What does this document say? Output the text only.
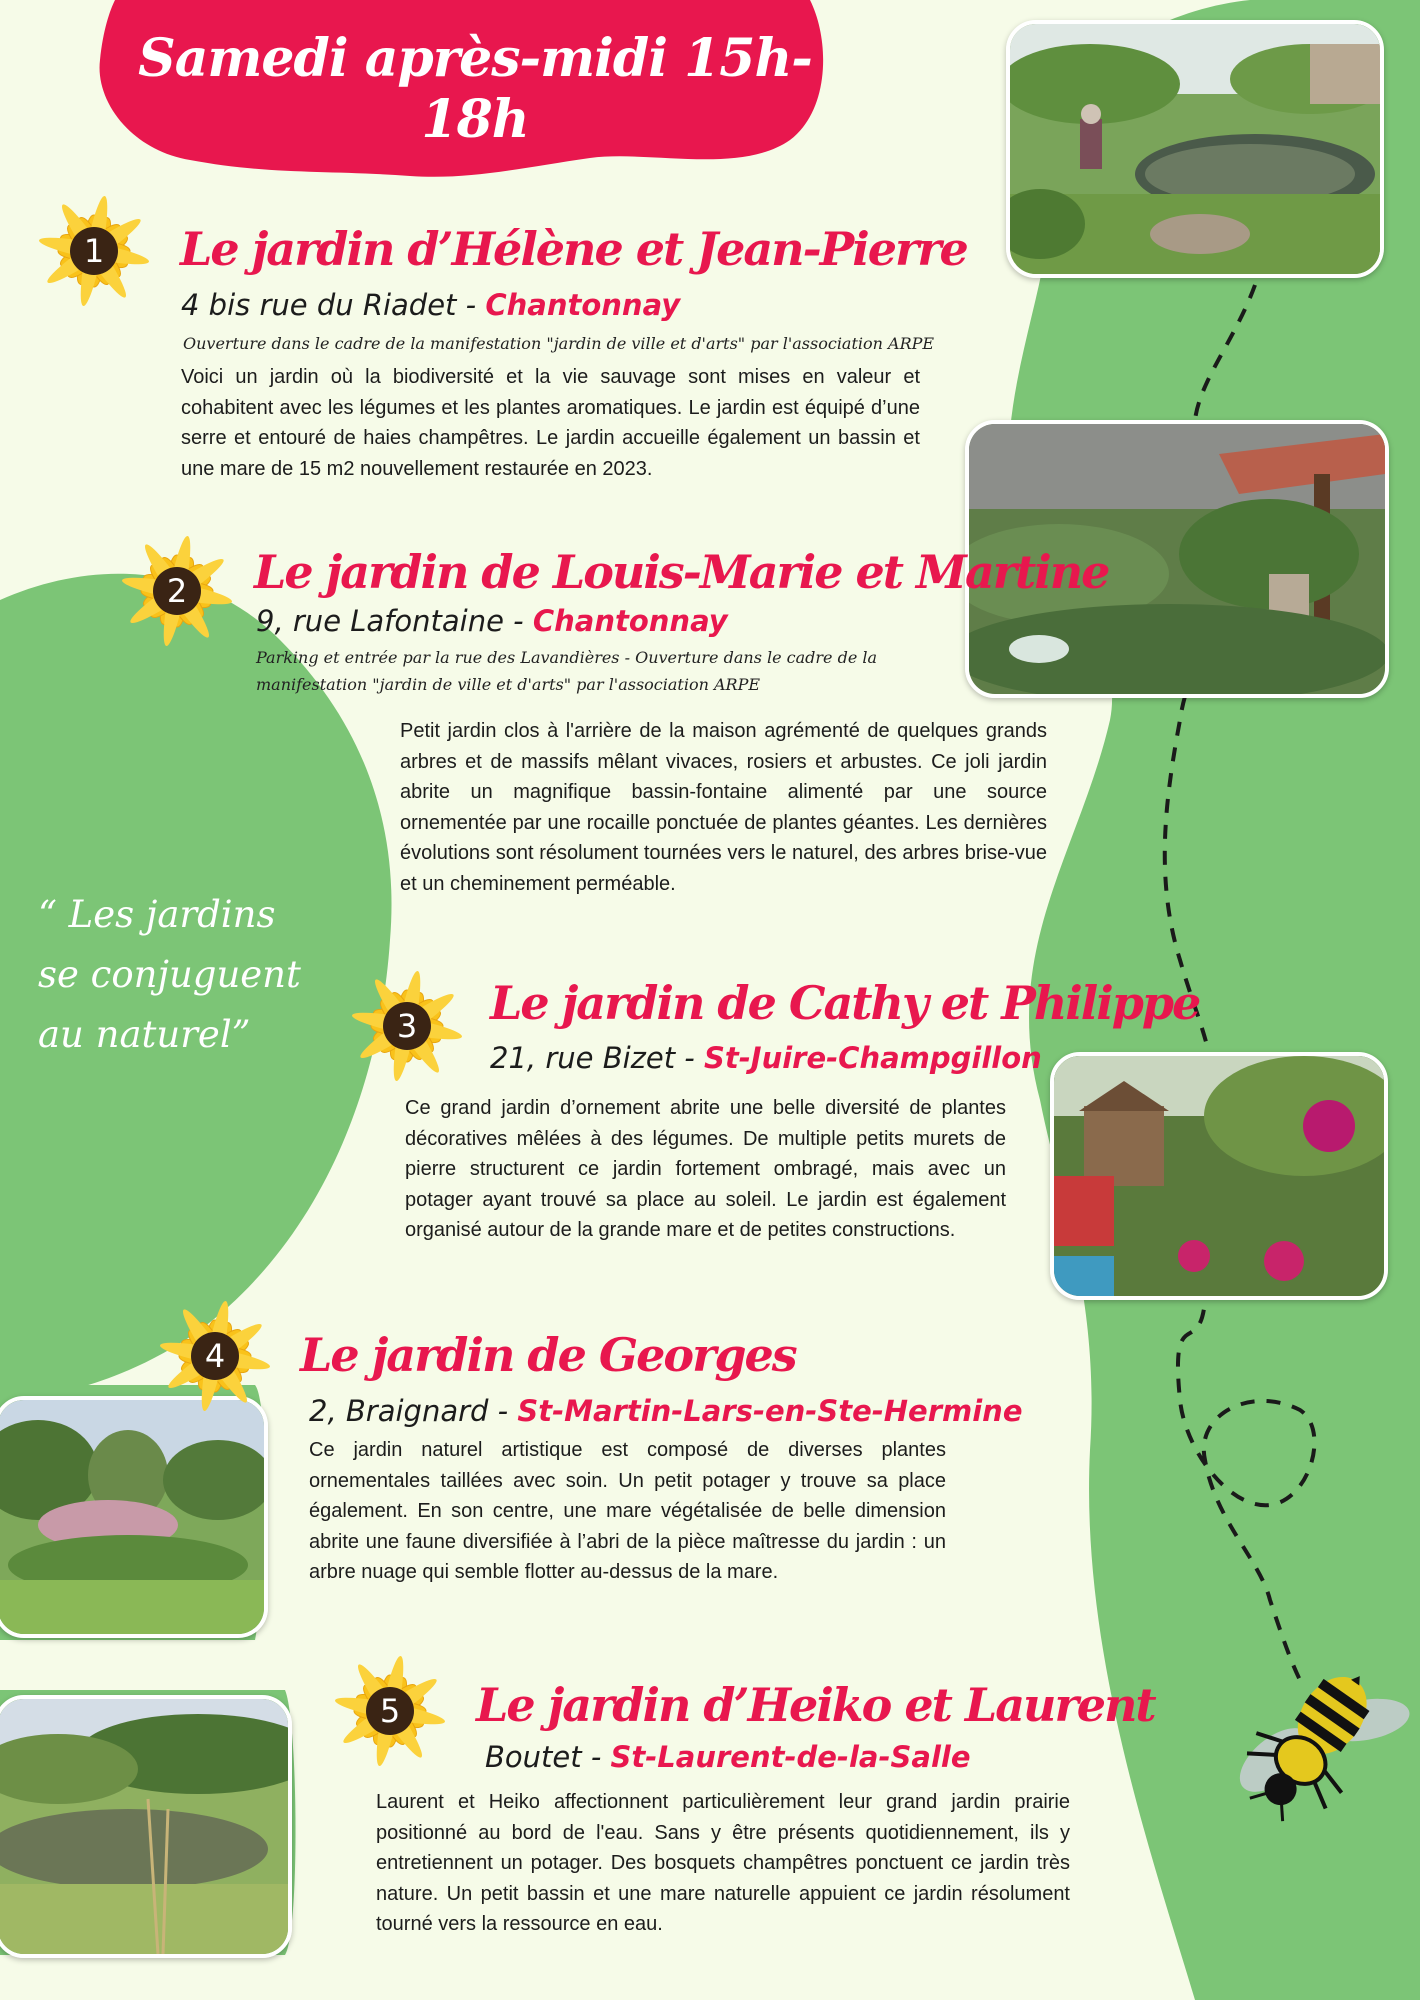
Samedi après-midi 15h-18h
1
2
3
4
5
Le jardin d’Hélène et Jean-Pierre
4 bis rue du Riadet - Chantonnay
Ouverture dans le cadre de la manifestation "jardin de ville et d'arts" par l'association ARPE
Voici un jardin où la biodiversité et la vie sauvage sont mises en valeur et cohabitent avec les légumes et les plantes aromatiques. Le jardin est équipé d’une serre et entouré de haies champêtres. Le jardin accueille également un bassin et une mare de 15 m2 nouvellement restaurée en 2023.
Le jardin de Louis-Marie et Martine
9, rue Lafontaine - Chantonnay
Parking et entrée par la rue des Lavandières - Ouverture dans le cadre de la manifestation "jardin de ville et d'arts" par l'association ARPE
Petit jardin clos à l'arrière de la maison agrémenté de quelques grands arbres et de massifs mêlant vivaces, rosiers et arbustes. Ce joli jardin abrite un magnifique bassin-fontaine alimenté par une source ornementée par une rocaille ponctuée de plantes géantes. Les dernières évolutions sont résolument tournées vers le naturel, des arbres brise-vue et un cheminement perméable.
“ Les jardins
se conjuguent
au naturel”
Le jardin de Cathy et Philippe
21, rue Bizet - St-Juire-Champgillon
Ce grand jardin d’ornement abrite une belle diversité de plantes décoratives mêlées à des légumes. De multiple petits murets de pierre structurent ce jardin fortement ombragé, mais avec un potager ayant trouvé sa place au soleil. Le jardin est également organisé autour de la grande mare et de petites constructions.
Le jardin de Georges
2, Braignard - St-Martin-Lars-en-Ste-Hermine
Ce jardin naturel artistique est composé de diverses plantes ornementales taillées avec soin. Un petit potager y trouve sa place également. En son centre, une mare végétalisée de belle dimension abrite une faune diversifiée à l’abri de la pièce maîtresse du jardin : un arbre nuage qui semble flotter au-dessus de la mare.
Le jardin d’Heiko et Laurent
Boutet - St-Laurent-de-la-Salle
Laurent et Heiko affectionnent particulièrement leur grand jardin prairie positionné au bord de l'eau. Sans y être présents quotidiennement, ils y entretiennent un potager. Des bosquets champêtres ponctuent ce jardin très nature. Un petit bassin et une mare naturelle appuient ce jardin résolument tourné vers la ressource en eau.
